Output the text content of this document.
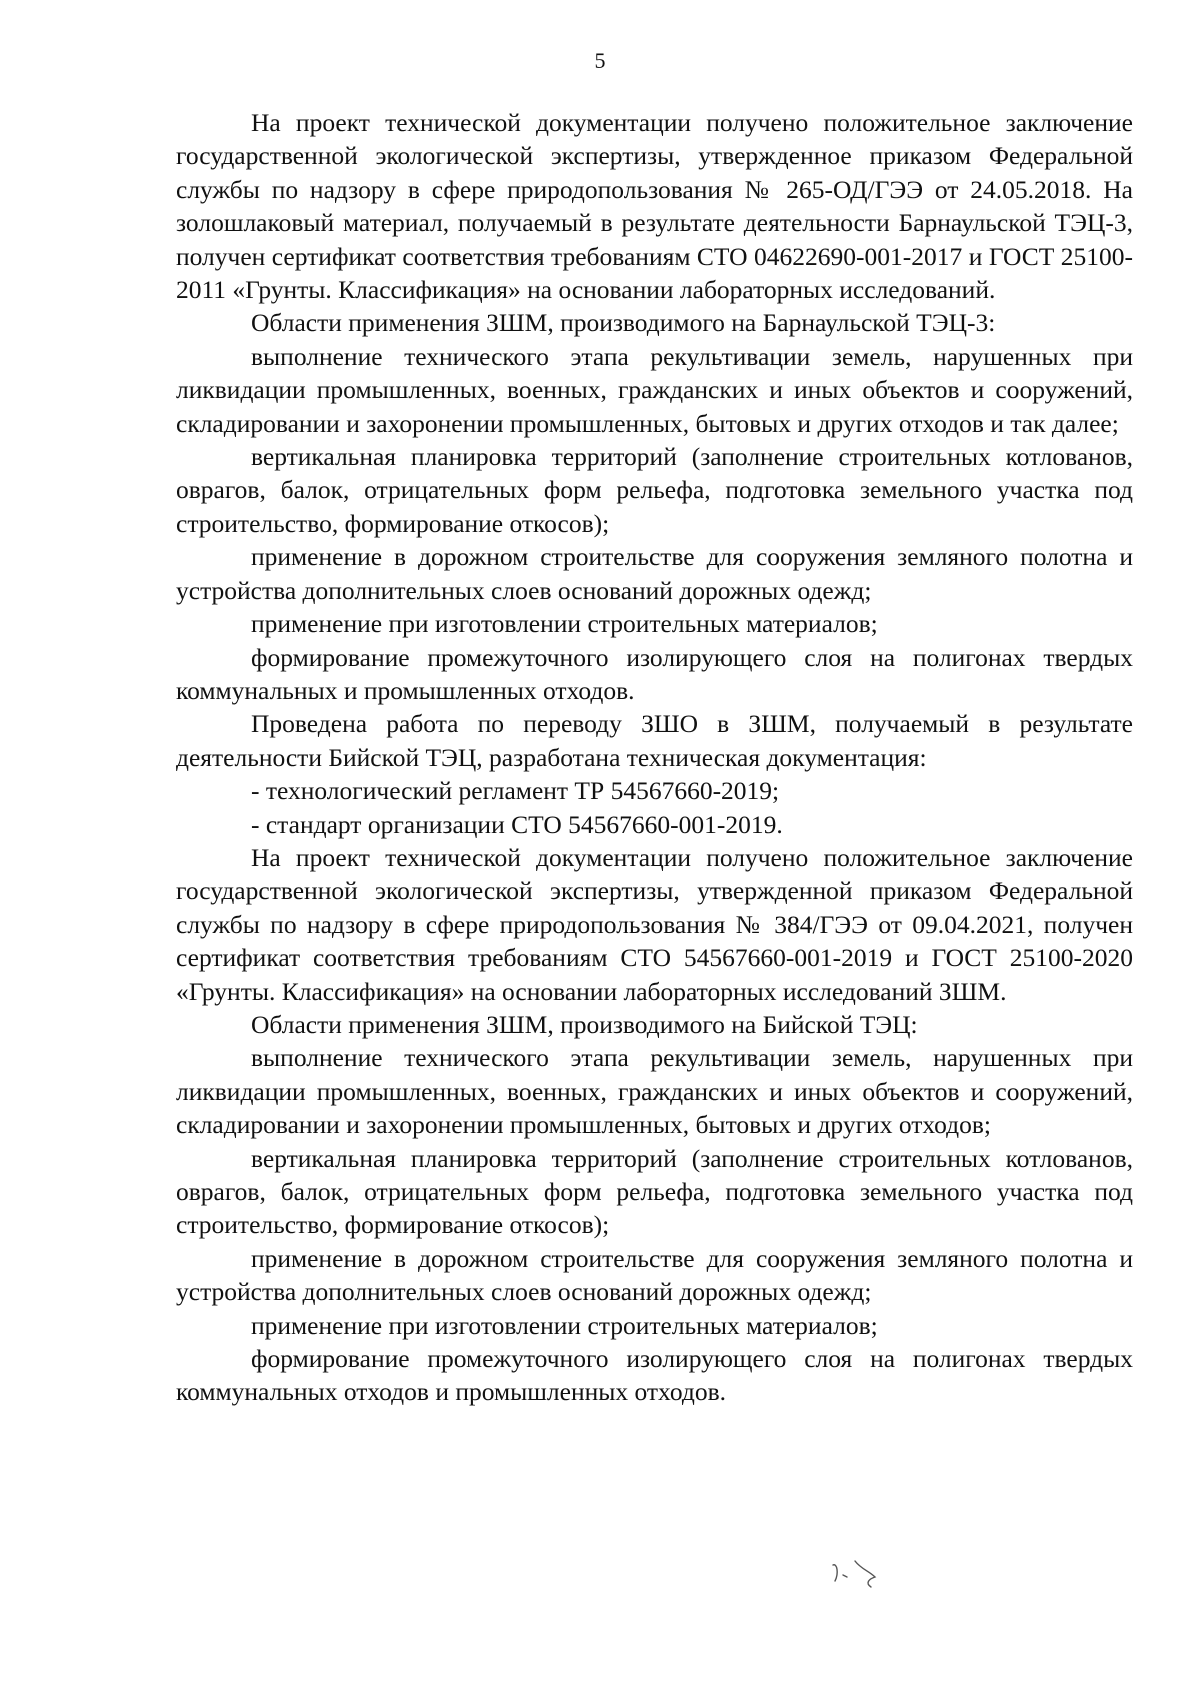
5

На проект технической документации получено положительное заключение государственной экологической экспертизы, утвержденное приказом Федеральной службы по надзору в сфере природопользования № 265-ОД/ГЭЭ от 24.05.2018. На золошлаковый материал, получаемый в результате деятельности Барнаульской ТЭЦ-3, получен сертификат соответствия требованиям СТО 04622690-001-2017 и ГОСТ 25100-2011 «Грунты. Классификация» на основании лабораторных исследований.

Области применения ЗШМ, производимого на Барнаульской ТЭЦ-3:

выполнение технического этапа рекультивации земель, нарушенных при ликвидации промышленных, военных, гражданских и иных объектов и сооружений, складировании и захоронении промышленных, бытовых и других отходов и так далее;

вертикальная планировка территорий (заполнение строительных котлованов, оврагов, балок, отрицательных форм рельефа, подготовка земельного участка под строительство, формирование откосов);

применение в дорожном строительстве для сооружения земляного полотна и устройства дополнительных слоев оснований дорожных одежд;

применение при изготовлении строительных материалов;

формирование промежуточного изолирующего слоя на полигонах твердых коммунальных и промышленных отходов.

Проведена работа по переводу ЗШО в ЗШМ, получаемый в результате деятельности Бийской ТЭЦ, разработана техническая документация:

- технологический регламент ТР 54567660-2019;

- стандарт организации СТО 54567660-001-2019.

На проект технической документации получено положительное заключение государственной экологической экспертизы, утвержденной приказом Федеральной службы по надзору в сфере природопользования № 384/ГЭЭ от 09.04.2021, получен сертификат соответствия требованиям СТО 54567660-001-2019 и ГОСТ 25100-2020 «Грунты. Классификация» на основании лабораторных исследований ЗШМ.

Области применения ЗШМ, производимого на Бийской ТЭЦ:

выполнение технического этапа рекультивации земель, нарушенных при ликвидации промышленных, военных, гражданских и иных объектов и сооружений, складировании и захоронении промышленных, бытовых и других отходов;

вертикальная планировка территорий (заполнение строительных котлованов, оврагов, балок, отрицательных форм рельефа, подготовка земельного участка под строительство, формирование откосов);

применение в дорожном строительстве для сооружения земляного полотна и устройства дополнительных слоев оснований дорожных одежд;

применение при изготовлении строительных материалов;

формирование промежуточного изолирующего слоя на полигонах твердых коммунальных отходов и промышленных отходов.
